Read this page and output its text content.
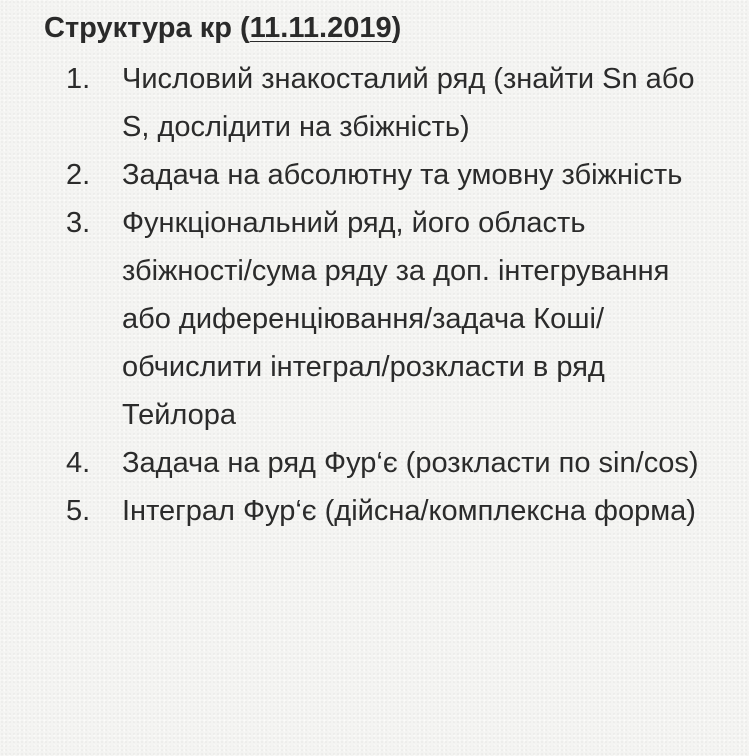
Структура кр (11.11.2019)
1. Числовий знакосталий ряд (знайти Sn або S, дослідити на збіжність)
2. Задача на абсолютну та умовну збіжність
3. Функціональний ряд, його область збіжності/сума ряду за доп. інтегрування або диференціювання/задача Коші/обчислити інтеграл/розкласти в ряд Тейлора
4. Задача на ряд Фур‘є (розкласти по sin/cos)
5. Інтеграл Фур‘є (дійсна/комплексна форма)
